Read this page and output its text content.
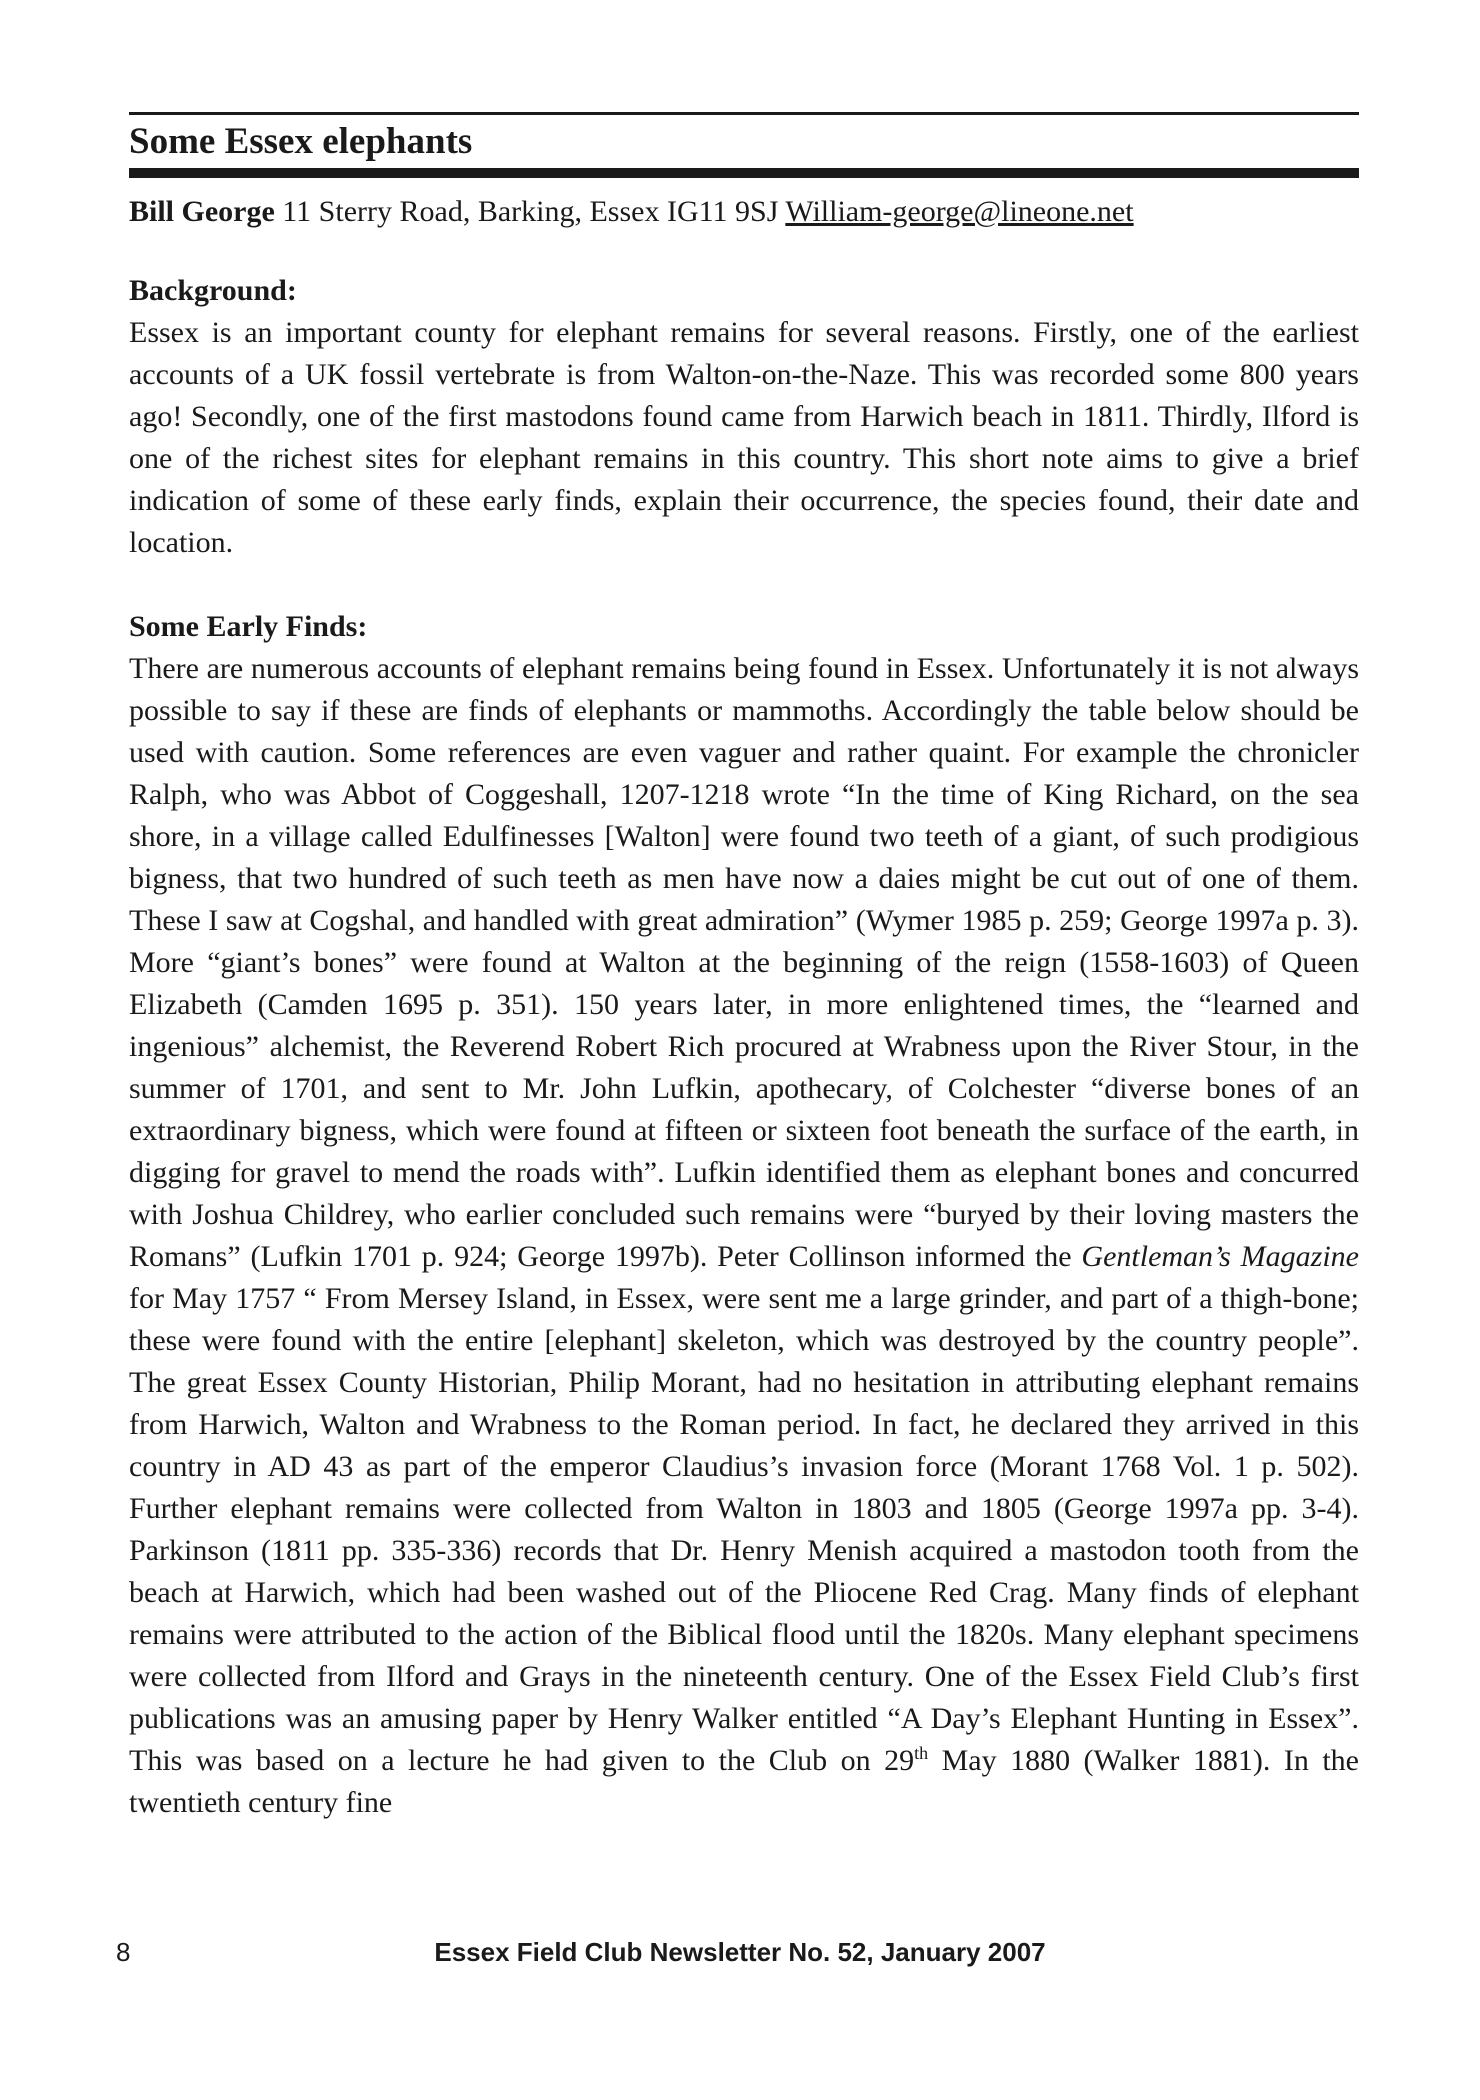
Some Essex elephants
Bill George 11 Sterry Road, Barking, Essex IG11 9SJ William-george@lineone.net
Background:

Essex is an important county for elephant remains for several reasons. Firstly, one of the earliest accounts of a UK fossil vertebrate is from Walton-on-the-Naze. This was recorded some 800 years ago! Secondly, one of the first mastodons found came from Harwich beach in 1811. Thirdly, Ilford is one of the richest sites for elephant remains in this country. This short note aims to give a brief indication of some of these early finds, explain their occurrence, the species found, their date and location.

Some Early Finds:

There are numerous accounts of elephant remains being found in Essex. Unfortunately it is not always possible to say if these are finds of elephants or mammoths. Accordingly the table below should be used with caution. Some references are even vaguer and rather quaint. For example the chronicler Ralph, who was Abbot of Coggeshall, 1207-1218 wrote “In the time of King Richard, on the sea shore, in a village called Edulfinesses [Walton] were found two teeth of a giant, of such prodigious bigness, that two hundred of such teeth as men have now a daies might be cut out of one of them. These I saw at Cogshal, and handled with great admiration” (Wymer 1985 p. 259; George 1997a p. 3). More “giant’s bones” were found at Walton at the beginning of the reign (1558-1603) of Queen Elizabeth (Camden 1695 p. 351). 150 years later, in more enlightened times, the “learned and ingenious” alchemist, the Reverend Robert Rich procured at Wrabness upon the River Stour, in the summer of 1701, and sent to Mr. John Lufkin, apothecary, of Colchester “diverse bones of an extraordinary bigness, which were found at fifteen or sixteen foot beneath the surface of the earth, in digging for gravel to mend the roads with”. Lufkin identified them as elephant bones and concurred with Joshua Childrey, who earlier concluded such remains were “buryed by their loving masters the Romans” (Lufkin 1701 p. 924; George 1997b). Peter Collinson informed the Gentleman’s Magazine for May 1757 “ From Mersey Island, in Essex, were sent me a large grinder, and part of a thigh-bone; these were found with the entire [elephant] skeleton, which was destroyed by the country people”. The great Essex County Historian, Philip Morant, had no hesitation in attributing elephant remains from Harwich, Walton and Wrabness to the Roman period. In fact, he declared they arrived in this country in AD 43 as part of the emperor Claudius’s invasion force (Morant 1768 Vol. 1 p. 502). Further elephant remains were collected from Walton in 1803 and 1805 (George 1997a pp. 3-4). Parkinson (1811 pp. 335-336) records that Dr. Henry Menish acquired a mastodon tooth from the beach at Harwich, which had been washed out of the Pliocene Red Crag. Many finds of elephant remains were attributed to the action of the Biblical flood until the 1820s. Many elephant specimens were collected from Ilford and Grays in the nineteenth century. One of the Essex Field Club’s first publications was an amusing paper by Henry Walker entitled “A Day’s Elephant Hunting in Essex”. This was based on a lecture he had given to the Club on 29th May 1880 (Walker 1881). In the twentieth century fine

Essex Field Club Newsletter No. 52, January 2007
8
